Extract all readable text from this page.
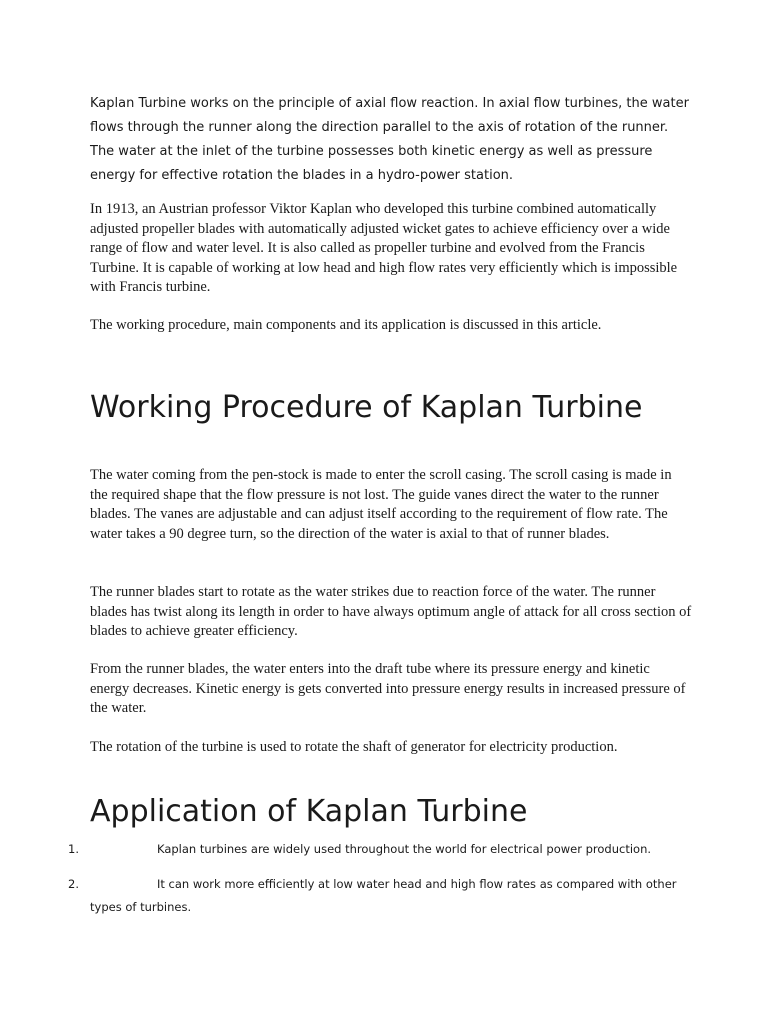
Kaplan Turbine works on the principle of axial flow reaction. In axial flow turbines, the water flows through the runner along the direction parallel to the axis of rotation of the runner. The water at the inlet of the turbine possesses both kinetic energy as well as pressure energy for effective rotation the blades in a hydro-power station.

In 1913, an Austrian professor Viktor Kaplan who developed this turbine combined automatically adjusted propeller blades with automatically adjusted wicket gates to achieve efficiency over a wide range of flow and water level. It is also called as propeller turbine and evolved from the Francis Turbine. It is capable of working at low head and high flow rates very efficiently which is impossible with Francis turbine.

The working procedure, main components and its application is discussed in this article.

Working Procedure of Kaplan Turbine

The water coming from the pen-stock is made to enter the scroll casing. The scroll casing is made in the required shape that the flow pressure is not lost. The guide vanes direct the water to the runner blades. The vanes are adjustable and can adjust itself according to the requirement of flow rate. The water takes a 90 degree turn, so the direction of the water is axial to that of runner blades.

The runner blades start to rotate as the water strikes due to reaction force of the water. The runner blades has twist along its length in order to have always optimum angle of attack for all cross section of blades to achieve greater efficiency.

From the runner blades, the water enters into the draft tube where its pressure energy and kinetic energy decreases. Kinetic energy is gets converted into pressure energy results in increased pressure of the water.

The rotation of the turbine is used to rotate the shaft of generator for electricity production.

Application of Kaplan Turbine
1.	Kaplan turbines are widely used throughout the world for electrical power production.
2.	It can work more efficiently at low water head and high flow rates as compared with other types of turbines.
